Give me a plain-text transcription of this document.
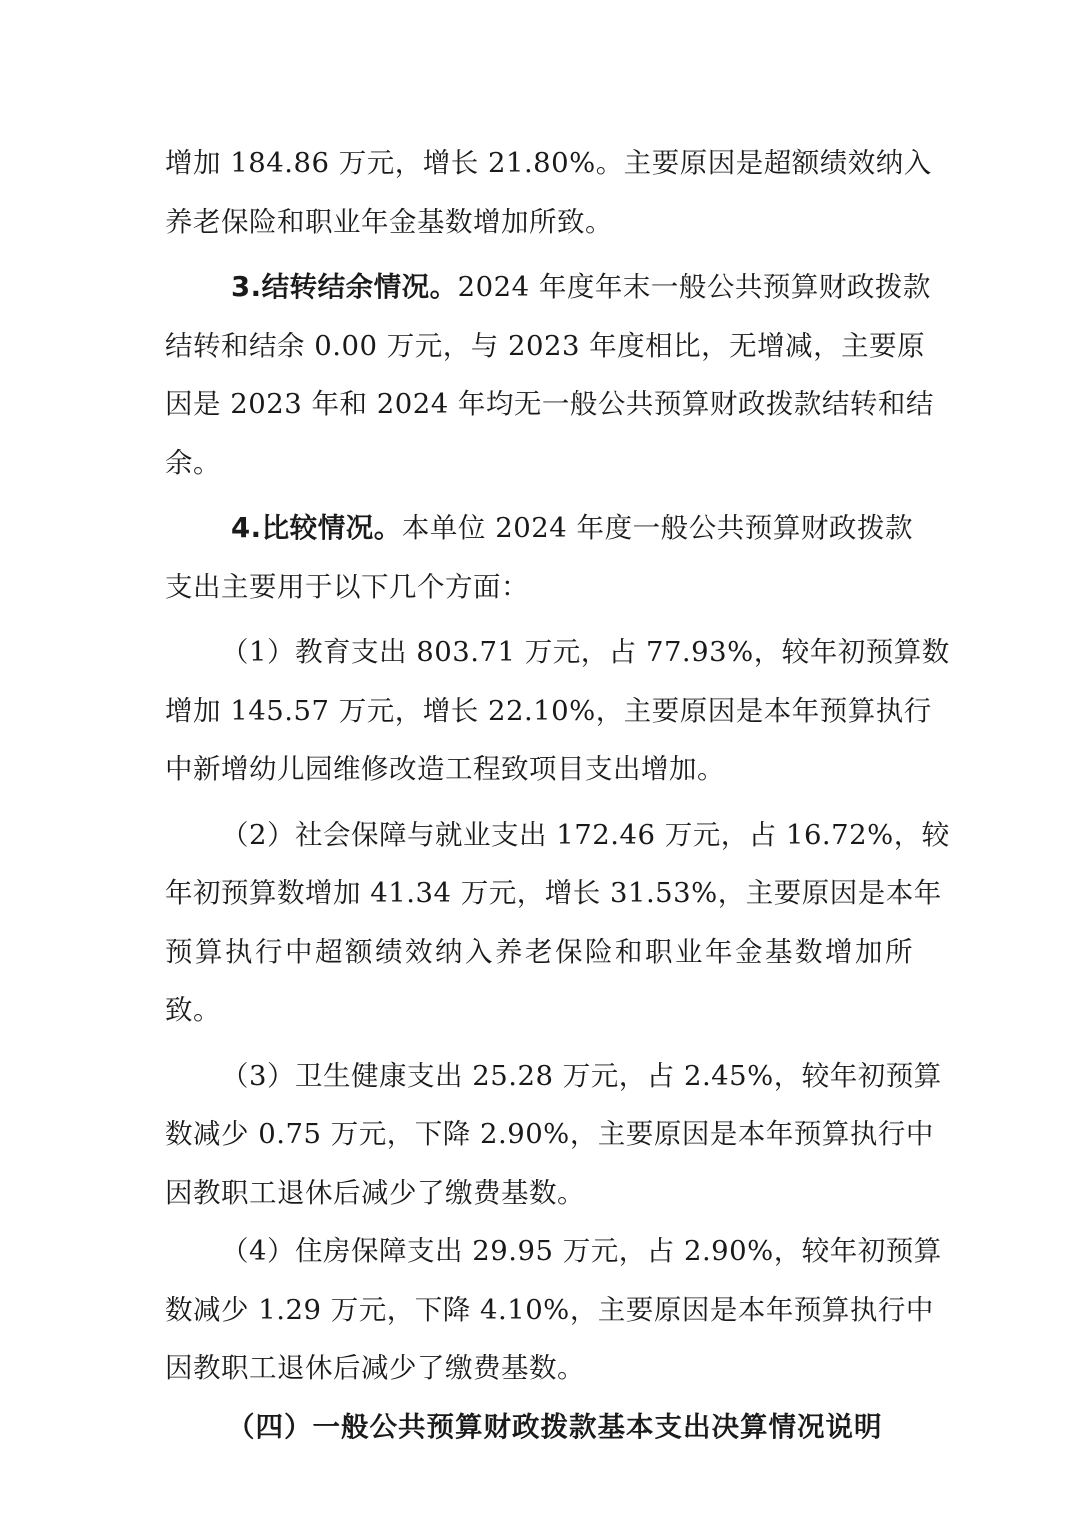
增加 184.86 万元，增长 21.80%。主要原因是超额绩效纳入
养老保险和职业年金基数增加所致。
3.结转结余情况。2024 年度年末一般公共预算财政拨款
结转和结余 0.00 万元，与 2023 年度相比，无增减，主要原
因是 2023 年和 2024 年均无一般公共预算财政拨款结转和结
余。
4.比较情况。本单位 2024 年度一般公共预算财政拨款
支出主要用于以下几个方面：
（1）教育支出 803.71 万元，占 77.93%，较年初预算数
增加 145.57 万元，增长 22.10%，主要原因是本年预算执行
中新增幼儿园维修改造工程致项目支出增加。
（2）社会保障与就业支出 172.46 万元，占 16.72%，较
年初预算数增加 41.34 万元，增长 31.53%，主要原因是本年
预算执行中超额绩效纳入养老保险和职业年金基数增加所
致。
（3）卫生健康支出 25.28 万元，占 2.45%，较年初预算
数减少 0.75 万元，下降 2.90%，主要原因是本年预算执行中
因教职工退休后减少了缴费基数。
（4）住房保障支出 29.95 万元，占 2.90%，较年初预算
数减少 1.29 万元，下降 4.10%，主要原因是本年预算执行中
因教职工退休后减少了缴费基数。
（四）一般公共预算财政拨款基本支出决算情况说明
